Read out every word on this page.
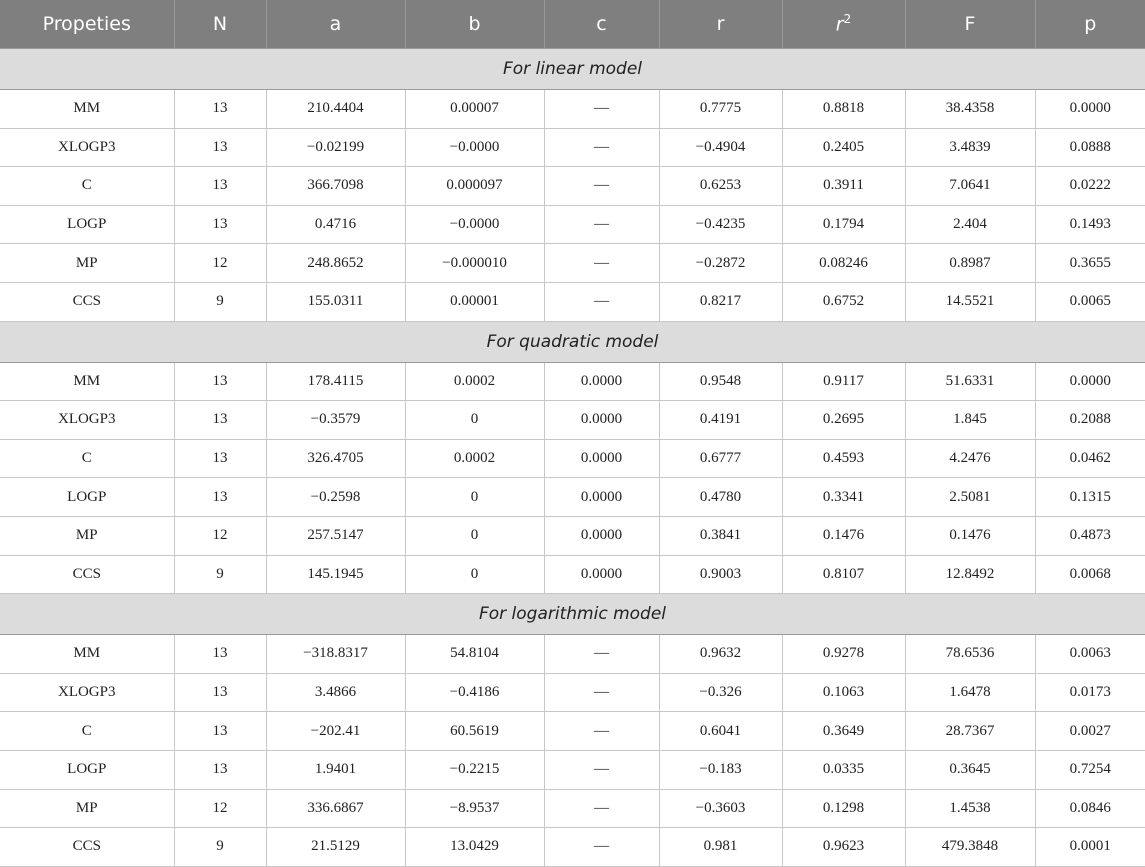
Propeties	N	a	b	c	r	$r^2$	F	p
For linear model								
MM	13	210.4404	0.00007	—	0.7775	0.8818	38.4358	0.0000
XLOGP3	13	−0.02199	−0.0000	—	−0.4904	0.2405	3.4839	0.0888
C	13	366.7098	0.000097	—	0.6253	0.3911	7.0641	0.0222
LOGP	13	0.4716	−0.0000	—	−0.4235	0.1794	2.404	0.1493
MP	12	248.8652	−0.000010	—	−0.2872	0.08246	0.8987	0.3655
CCS	9	155.0311	0.00001	—	0.8217	0.6752	14.5521	0.0065
For quadratic model								
MM	13	178.4115	0.0002	0.0000	0.9548	0.9117	51.6331	0.0000
XLOGP3	13	−0.3579	0	0.0000	0.4191	0.2695	1.845	0.2088
C	13	326.4705	0.0002	0.0000	0.6777	0.4593	4.2476	0.0462
LOGP	13	−0.2598	0	0.0000	0.4780	0.3341	2.5081	0.1315
MP	12	257.5147	0	0.0000	0.3841	0.1476	0.1476	0.4873
CCS	9	145.1945	0	0.0000	0.9003	0.8107	12.8492	0.0068
For logarithmic model								
MM	13	−318.8317	54.8104	—	0.9632	0.9278	78.6536	0.0063
XLOGP3	13	3.4866	−0.4186	—	−0.326	0.1063	1.6478	0.0173
C	13	−202.41	60.5619	—	0.6041	0.3649	28.7367	0.0027
LOGP	13	1.9401	−0.2215	—	−0.183	0.0335	0.3645	0.7254
MP	12	336.6867	−8.9537	—	−0.3603	0.1298	1.4538	0.0846
CCS	9	21.5129	13.0429	—	0.981	0.9623	479.3848	0.0001
